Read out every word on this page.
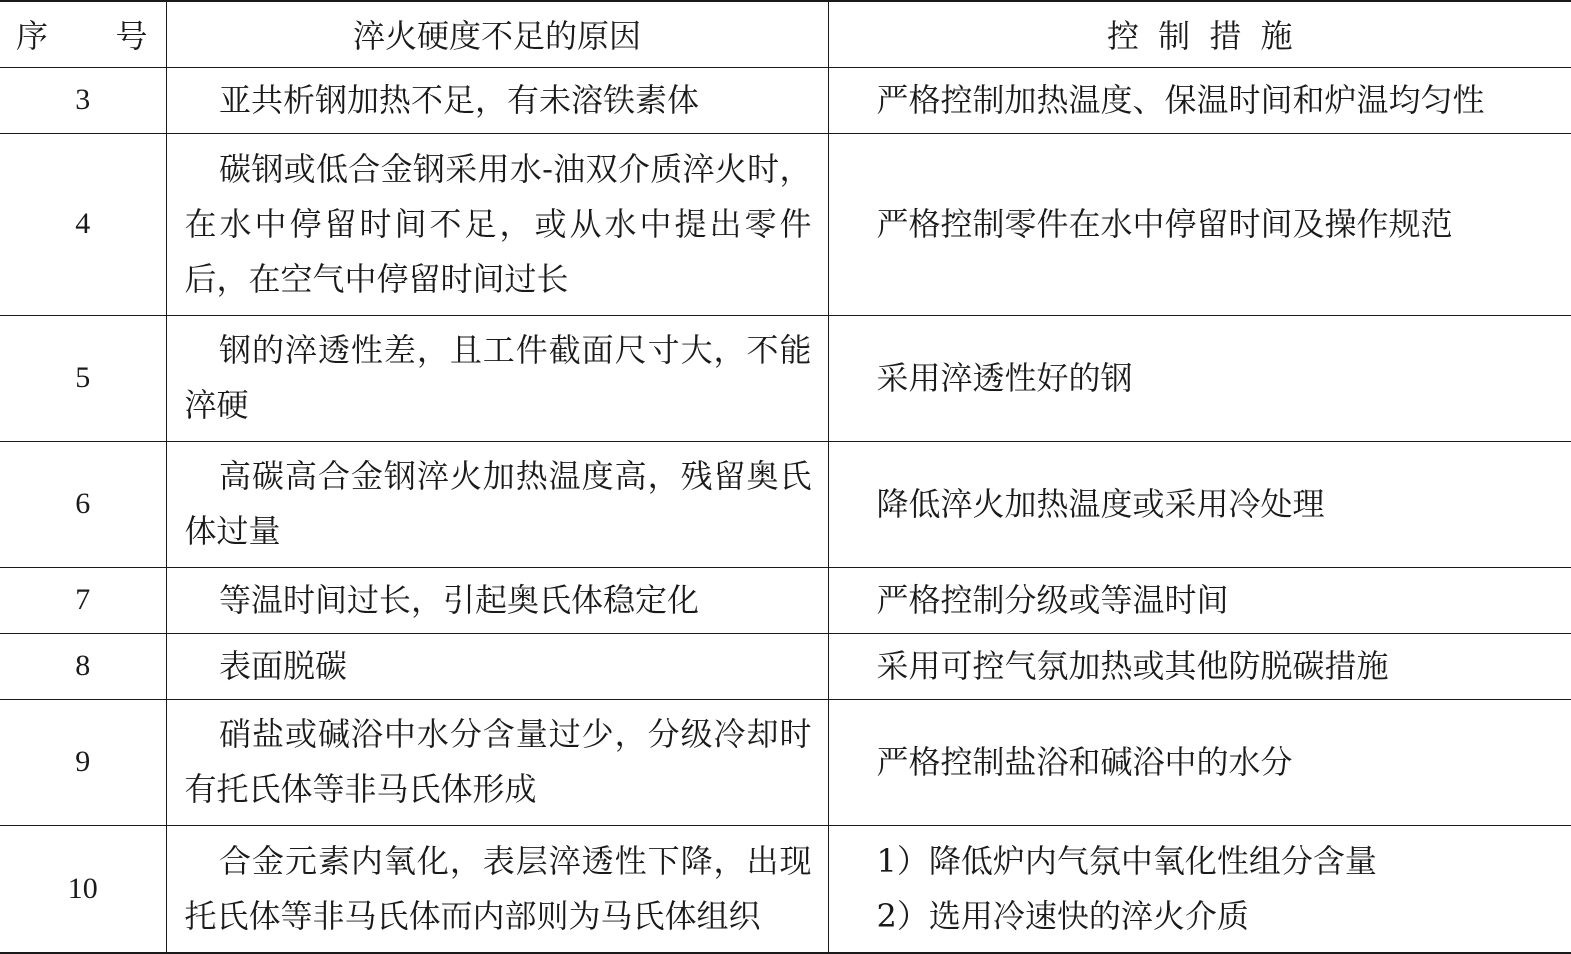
序 号	淬火硬度不足的原因	控制措施
3	亚共析钢加热不足，有未溶铁素体	严格控制加热温度、保温时间和炉温均匀性

4	碳钢或低合金钢采用水-油双介质淬火时，在水中停留时间不足，或从水中提出零件后，在空气中停留时间过长	严格控制零件在水中停留时间及操作规范

5	钢的淬透性差，且工件截面尺寸大，不能淬硬	采用淬透性好的钢

6	高碳高合金钢淬火加热温度高，残留奥氏体过量	降低淬火加热温度或采用冷处理

7	等温时间过长，引起奥氏体稳定化	严格控制分级或等温时间

8	表面脱碳	采用可控气氛加热或其他防脱碳措施

9	硝盐或碱浴中水分含量过少，分级冷却时有托氏体等非马氏体形成	严格控制盐浴和碱浴中的水分

10	合金元素内氧化，表层淬透性下降，出现托氏体等非马氏体而内部则为马氏体组织	1）降低炉内气氛中氧化性组分含量
2）选用冷速快的淬火介质
